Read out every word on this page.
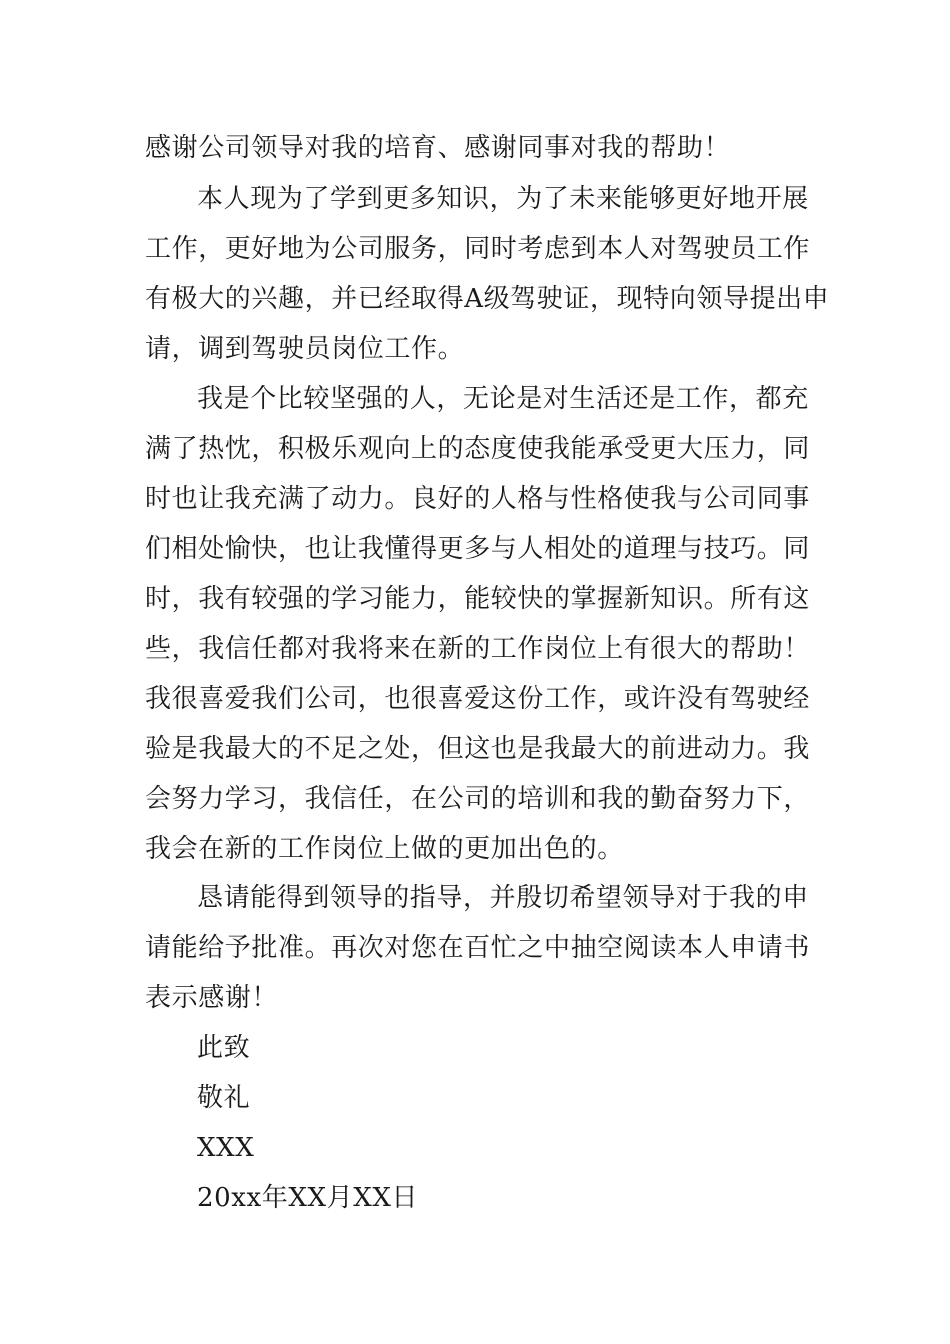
感谢公司领导对我的培育、感谢同事对我的帮助！
本人现为了学到更多知识，为了未来能够更好地开展
工作，更好地为公司服务，同时考虑到本人对驾驶员工作
有极大的兴趣，并已经取得A级驾驶证，现特向领导提出申
请，调到驾驶员岗位工作。
我是个比较坚强的人，无论是对生活还是工作，都充
满了热忱，积极乐观向上的态度使我能承受更大压力，同
时也让我充满了动力。良好的人格与性格使我与公司同事
们相处愉快，也让我懂得更多与人相处的道理与技巧。同
时，我有较强的学习能力，能较快的掌握新知识。所有这
些，我信任都对我将来在新的工作岗位上有很大的帮助！
我很喜爱我们公司，也很喜爱这份工作，或许没有驾驶经
验是我最大的不足之处，但这也是我最大的前进动力。我
会努力学习，我信任，在公司的培训和我的勤奋努力下，
我会在新的工作岗位上做的更加出色的。
恳请能得到领导的指导，并殷切希望领导对于我的申
请能给予批准。再次对您在百忙之中抽空阅读本人申请书
表示感谢！
此致
敬礼
XXX
20xx年XX月XX日
